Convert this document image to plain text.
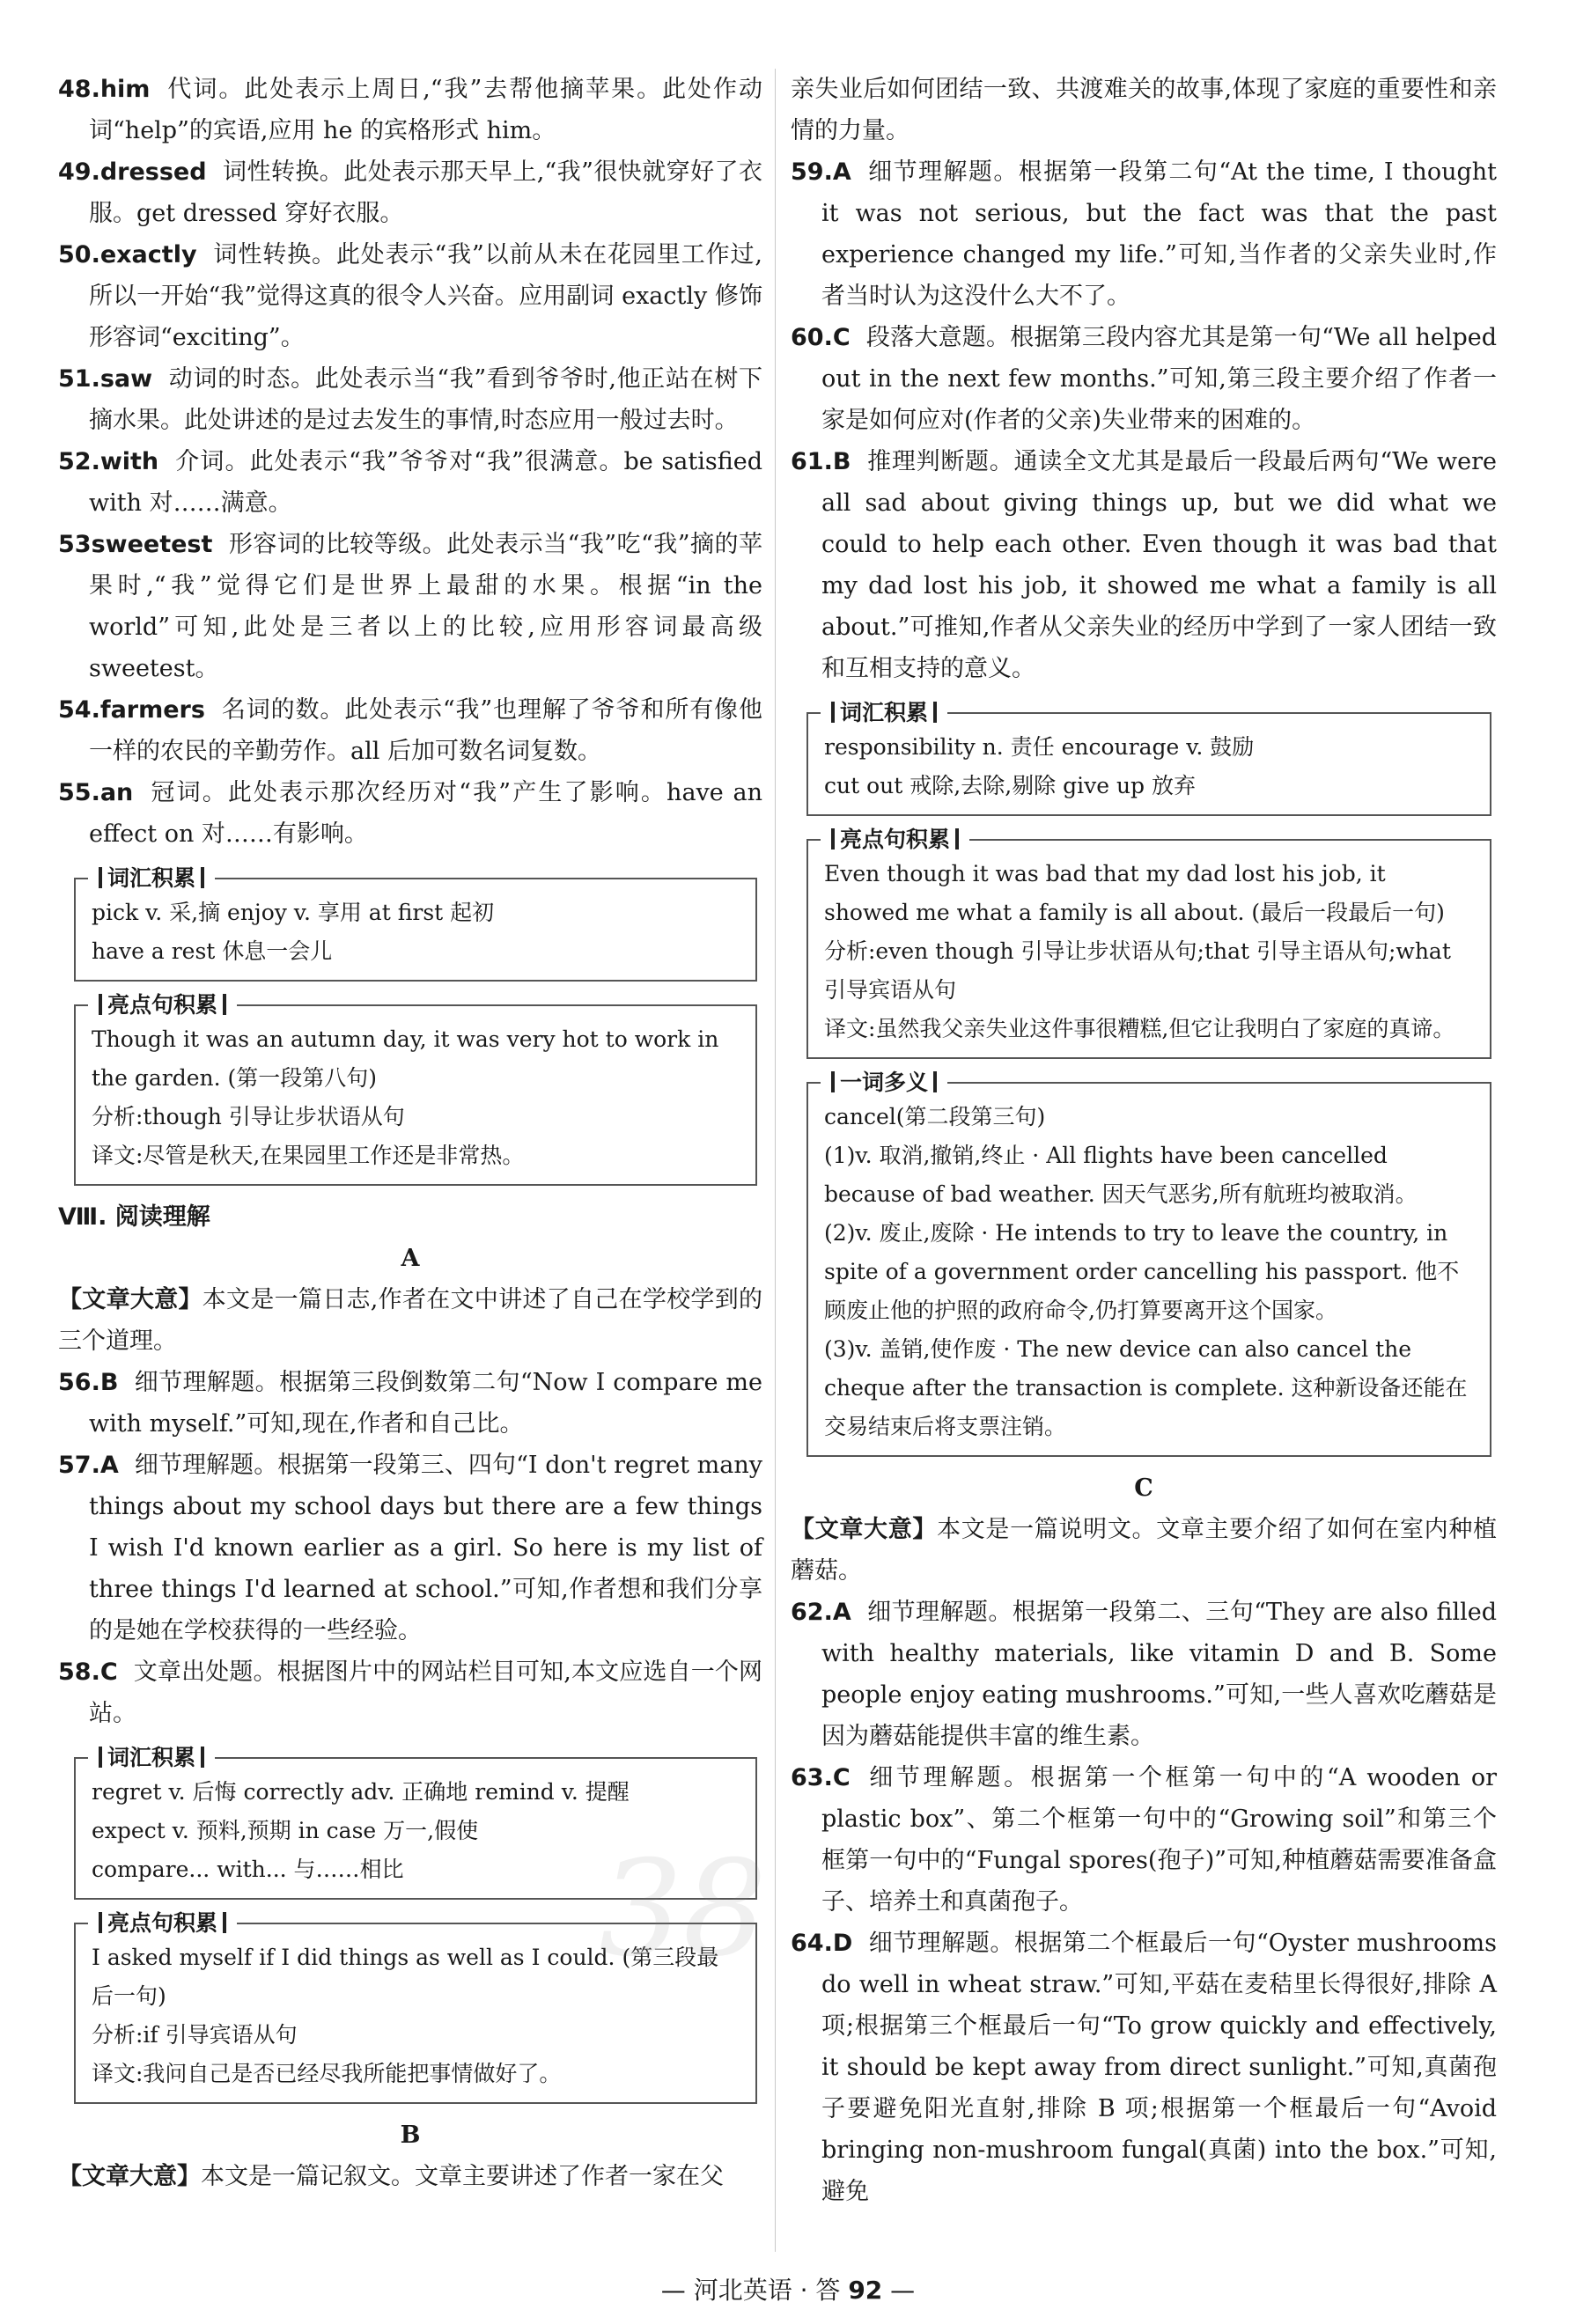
48.him 代词。此处表示上周日,“我”去帮他摘苹果。此处作动词“help”的宾语,应用 he 的宾格形式 him。

49.dressed 词性转换。此处表示那天早上,“我”很快就穿好了衣服。get dressed 穿好衣服。

50.exactly 词性转换。此处表示“我”以前从未在花园里工作过,所以一开始“我”觉得这真的很令人兴奋。应用副词 exactly 修饰形容词“exciting”。

51.saw 动词的时态。此处表示当“我”看到爷爷时,他正站在树下摘水果。此处讲述的是过去发生的事情,时态应用一般过去时。

52.with 介词。此处表示“我”爷爷对“我”很满意。be satisfied with 对……满意。

53sweetest 形容词的比较等级。此处表示当“我”吃“我”摘的苹果时,“我”觉得它们是世界上最甜的水果。根据“in the world”可知,此处是三者以上的比较,应用形容词最高级 sweetest。

54.farmers 名词的数。此处表示“我”也理解了爷爷和所有像他一样的农民的辛勤劳作。all 后加可数名词复数。

55.an 冠词。此处表示那次经历对“我”产生了影响。have an effect on 对……有影响。

词汇积累
pick v. 采,摘 enjoy v. 享用 at first 起初
have a rest 休息一会儿
亮点句积累
Though it was an autumn day, it was very hot to work in the garden. (第一段第八句)
分析:though 引导让步状语从句
译文:尽管是秋天,在果园里工作还是非常热。

Ⅷ. 阅读理解

A

【文章大意】本文是一篇日志,作者在文中讲述了自己在学校学到的三个道理。

56.B 细节理解题。根据第三段倒数第二句“Now I compare me with myself.”可知,现在,作者和自己比。

57.A 细节理解题。根据第一段第三、四句“I don't regret many things about my school days but there are a few things I wish I'd known earlier as a girl. So here is my list of three things I'd learned at school.”可知,作者想和我们分享的是她在学校获得的一些经验。

58.C 文章出处题。根据图片中的网站栏目可知,本文应选自一个网站。

词汇积累
regret v. 后悔 correctly adv. 正确地 remind v. 提醒
expect v. 预料,预期 in case 万一,假使
compare... with... 与……相比
亮点句积累
I asked myself if I did things as well as I could. (第三段最后一句)
分析:if 引导宾语从句
译文:我问自己是否已经尽我所能把事情做好了。

B

【文章大意】本文是一篇记叙文。文章主要讲述了作者一家在父

亲失业后如何团结一致、共渡难关的故事,体现了家庭的重要性和亲情的力量。

59.A 细节理解题。根据第一段第二句“At the time, I thought it was not serious, but the fact was that the past experience changed my life.”可知,当作者的父亲失业时,作者当时认为这没什么大不了。

60.C 段落大意题。根据第三段内容尤其是第一句“We all helped out in the next few months.”可知,第三段主要介绍了作者一家是如何应对(作者的父亲)失业带来的困难的。

61.B 推理判断题。通读全文尤其是最后一段最后两句“We were all sad about giving things up, but we did what we could to help each other. Even though it was bad that my dad lost his job, it showed me what a family is all about.”可推知,作者从父亲失业的经历中学到了一家人团结一致和互相支持的意义。

词汇积累
responsibility n. 责任 encourage v. 鼓励
cut out 戒除,去除,剔除 give up 放弃
亮点句积累
Even though it was bad that my dad lost his job, it showed me what a family is all about. (最后一段最后一句)
分析:even though 引导让步状语从句;that 引导主语从句;what 引导宾语从句
译文:虽然我父亲失业这件事很糟糕,但它让我明白了家庭的真谛。
一词多义
cancel(第二段第三句)
(1)v. 取消,撤销,终止 · All flights have been cancelled because of bad weather. 因天气恶劣,所有航班均被取消。
(2)v. 废止,废除 · He intends to try to leave the country, in spite of a government order cancelling his passport. 他不顾废止他的护照的政府命令,仍打算要离开这个国家。
(3)v. 盖销,使作废 · The new device can also cancel the cheque after the transaction is complete. 这种新设备还能在交易结束后将支票注销。

C

【文章大意】本文是一篇说明文。文章主要介绍了如何在室内种植蘑菇。

62.A 细节理解题。根据第一段第二、三句“They are also filled with healthy materials, like vitamin D and B. Some people enjoy eating mushrooms.”可知,一些人喜欢吃蘑菇是因为蘑菇能提供丰富的维生素。

63.C 细节理解题。根据第一个框第一句中的“A wooden or plastic box”、第二个框第一句中的“Growing soil”和第三个框第一句中的“Fungal spores(孢子)”可知,种植蘑菇需要准备盒子、培养土和真菌孢子。

64.D 细节理解题。根据第二个框最后一句“Oyster mushrooms do well in wheat straw.”可知,平菇在麦秸里长得很好,排除 A 项;根据第三个框最后一句“To grow quickly and effectively, it should be kept away from direct sunlight.”可知,真菌孢子要避免阳光直射,排除 B 项;根据第一个框最后一句“Avoid bringing non-mushroom fungal(真菌) into the box.”可知,避免

38
— 河北英语 · 答 92 —
